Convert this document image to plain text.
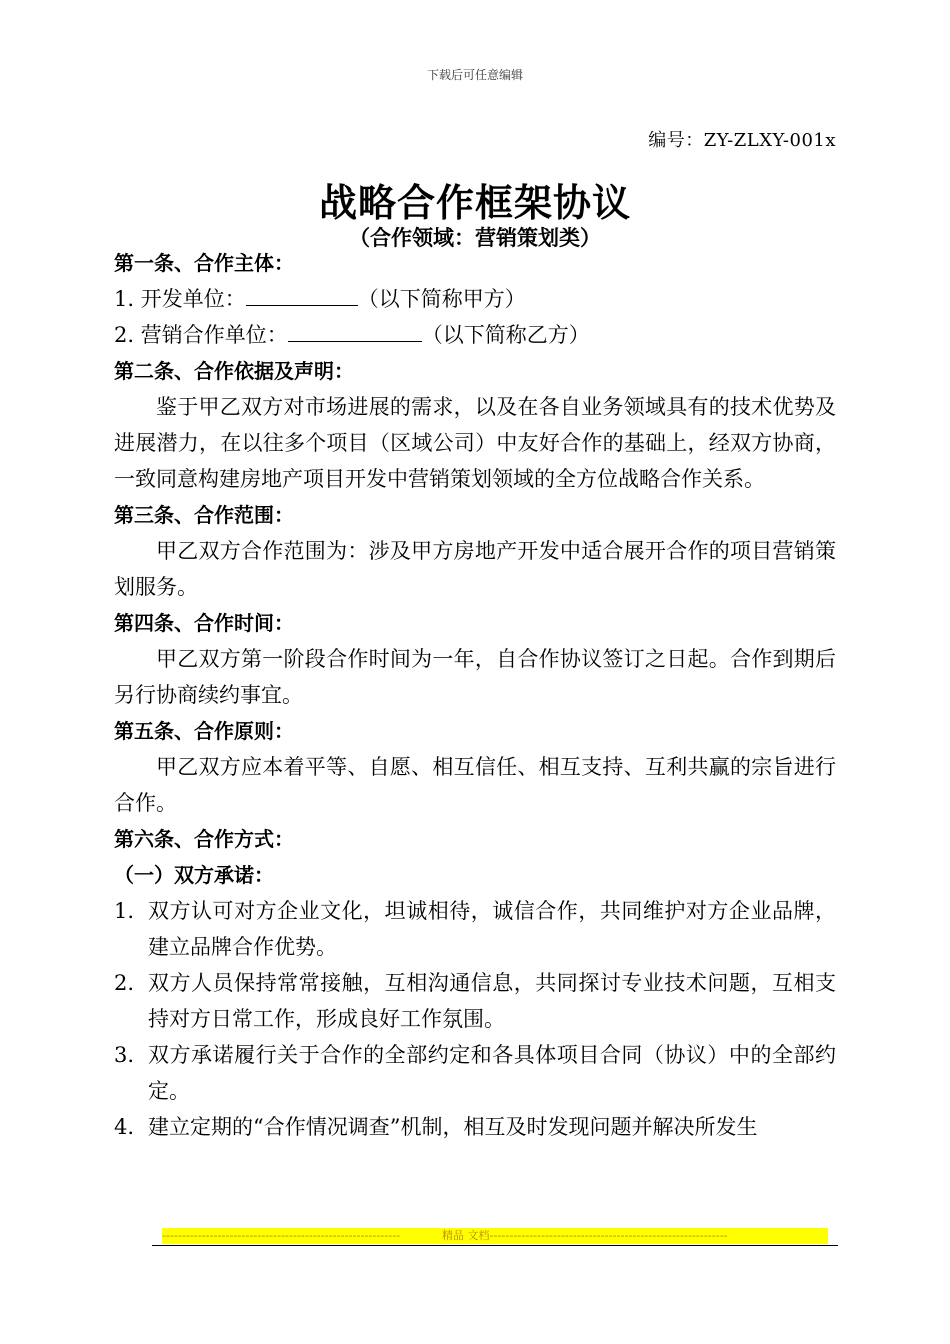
下载后可任意编辑
编号：ZY-ZLXY-001x
战略合作框架协议
（合作领域：营销策划类）
第一条、合作主体：
1. 开发单位：	（以下简称甲方）
2. 营销合作单位：	（以下简称乙方）
第二条、合作依据及声明：
鉴于甲乙双方对市场进展的需求，以及在各自业务领域具有的技术优势及进展潜力，在以往多个项目（区域公司）中友好合作的基础上，经双方协商，一致同意构建房地产项目开发中营销策划领域的全方位战略合作关系。
第三条、合作范围：
甲乙双方合作范围为：涉及甲方房地产开发中适合展开合作的项目营销策划服务。
第四条、合作时间：
甲乙双方第一阶段合作时间为一年，自合作协议签订之日起。合作到期后另行协商续约事宜。
第五条、合作原则：
甲乙双方应本着平等、自愿、相互信任、相互支持、互利共赢的宗旨进行合作。
第六条、合作方式：
（一）双方承诺：
1. 双方认可对方企业文化，坦诚相待，诚信合作，共同维护对方企业品牌，建立品牌合作优势。
2. 双方人员保持常常接触，互相沟通信息，共同探讨专业技术问题，互相支持对方日常工作，形成良好工作氛围。
3. 双方承诺履行关于合作的全部约定和各具体项目合同（协议）中的全部约定。
4. 建立定期的“合作情况调查”机制，相互及时发现问题并解决所发生
------------------------------------------------------------	精品 文档------------------------------------------------------------
